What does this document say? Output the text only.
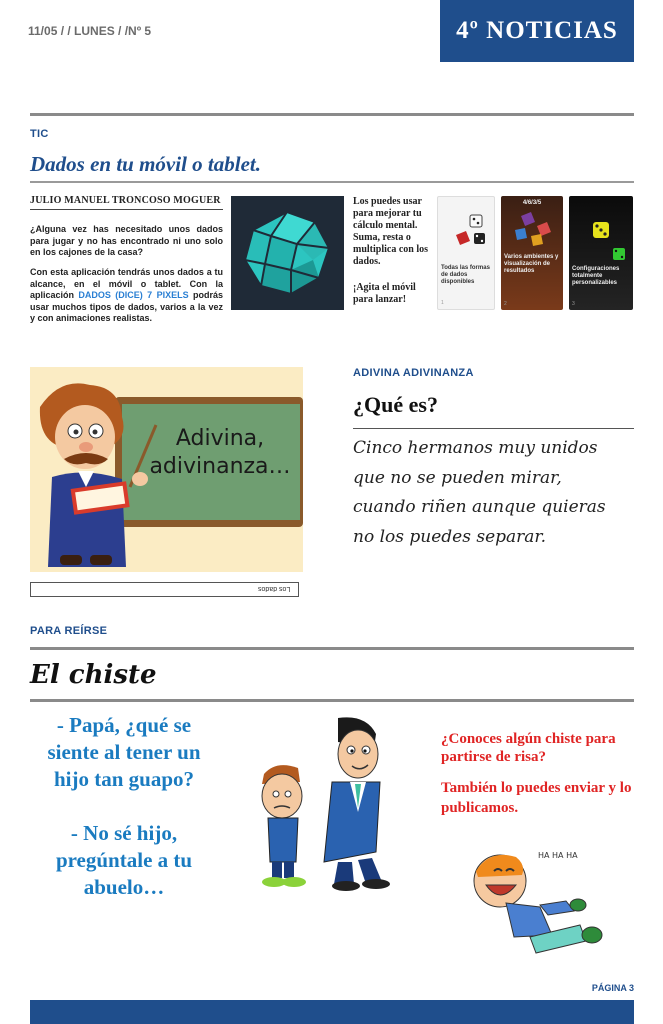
11/05 / / LUNES / /Nº 5	4º NOTICIAS
TIC
Dados en tu móvil o tablet.
JULIO MANUEL TRONCOSO MOGUER
¿Alguna vez has necesitado unos dados para jugar y no has encontrado ni uno solo en los cajones de la casa?
Con esta aplicación tendrás unos dados a tu alcance, en el móvil o tablet. Con la aplicación DADOS (DICE) 7 PIXELS podrás usar muchos tipos de dados, varios a la vez y con animaciones realistas.
Los puedes usar para mejorar tu cálculo mental. Suma, resta o multiplica con los dados.
¡Agita el móvil para lanzar!
Todas las formas de dados disponibles
1
4/6/3/5
Varios ambientes y visualización de resultados
2
Configuraciones totalmente personalizables
3
Adivina, adivinanza…
Los dados
ADIVINA ADIVINANZA
¿Qué es?
Cinco hermanos muy unidos
que no se pueden mirar,
cuando riñen aunque quieras
no los puedes separar.
PARA REÍRSE
El chiste
- Papá, ¿qué se siente al tener un hijo tan guapo?
- No sé hijo, pregúntale a tu abuelo…
¿Conoces algún chiste para partirse de risa?
También lo puedes enviar y lo publicamos.
HA HA HA
PÁGINA 3
